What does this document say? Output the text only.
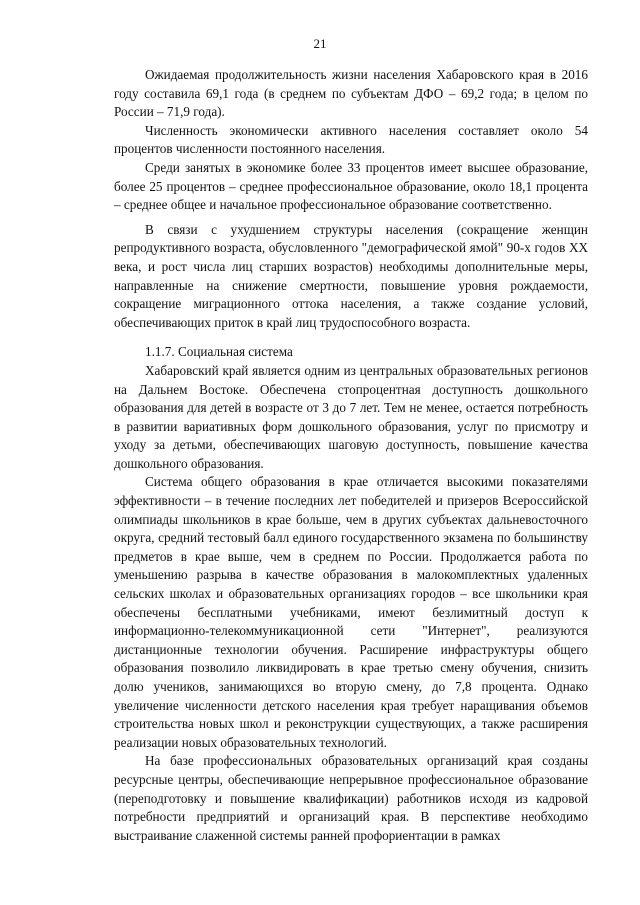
21

Ожидаемая продолжительность жизни населения Хабаровского края в 2016 году составила 69,1 года (в среднем по субъектам ДФО – 69,2 года; в целом по России – 71,9 года).

Численность экономически активного населения составляет около 54 процентов численности постоянного населения.

Среди занятых в экономике более 33 процентов имеет высшее образование, более 25 процентов – среднее профессиональное образование, около 18,1 процента – среднее общее и начальное профессиональное образование соответственно.

В связи с ухудшением структуры населения (сокращение женщин репродуктивного возраста, обусловленного "демографической ямой" 90-х годов XX века, и рост числа лиц старших возрастов) необходимы дополнительные меры, направленные на снижение смертности, повышение уровня рождаемости, сокращение миграционного оттока населения, а также создание условий, обеспечивающих приток в край лиц трудоспособного возраста.

1.1.7. Социальная система

Хабаровский край является одним из центральных образовательных регионов на Дальнем Востоке. Обеспечена стопроцентная доступность дошкольного образования для детей в возрасте от 3 до 7 лет. Тем не менее, остается потребность в развитии вариативных форм дошкольного образования, услуг по присмотру и уходу за детьми, обеспечивающих шаговую доступность, повышение качества дошкольного образования.

Система общего образования в крае отличается высокими показателями эффективности – в течение последних лет победителей и призеров Всероссийской олимпиады школьников в крае больше, чем в других субъектах дальневосточного округа, средний тестовый балл единого государственного экзамена по большинству предметов в крае выше, чем в среднем по России. Продолжается работа по уменьшению разрыва в качестве образования в малокомплектных удаленных сельских школах и образовательных организациях городов – все школьники края обеспечены бесплатными учебниками, имеют безлимитный доступ к информационно-телекоммуникационной сети "Интернет", реализуются дистанционные технологии обучения. Расширение инфраструктуры общего образования позволило ликвидировать в крае третью смену обучения, снизить долю учеников, занимающихся во вторую смену, до 7,8 процента. Однако увеличение численности детского населения края требует наращивания объемов строительства новых школ и реконструкции существующих, а также расширения реализации новых образовательных технологий.

На базе профессиональных образовательных организаций края созданы ресурсные центры, обеспечивающие непрерывное профессиональное образование (переподготовку и повышение квалификации) работников исходя из кадровой потребности предприятий и организаций края. В перспективе необходимо выстраивание слаженной системы ранней профориентации в рамках
